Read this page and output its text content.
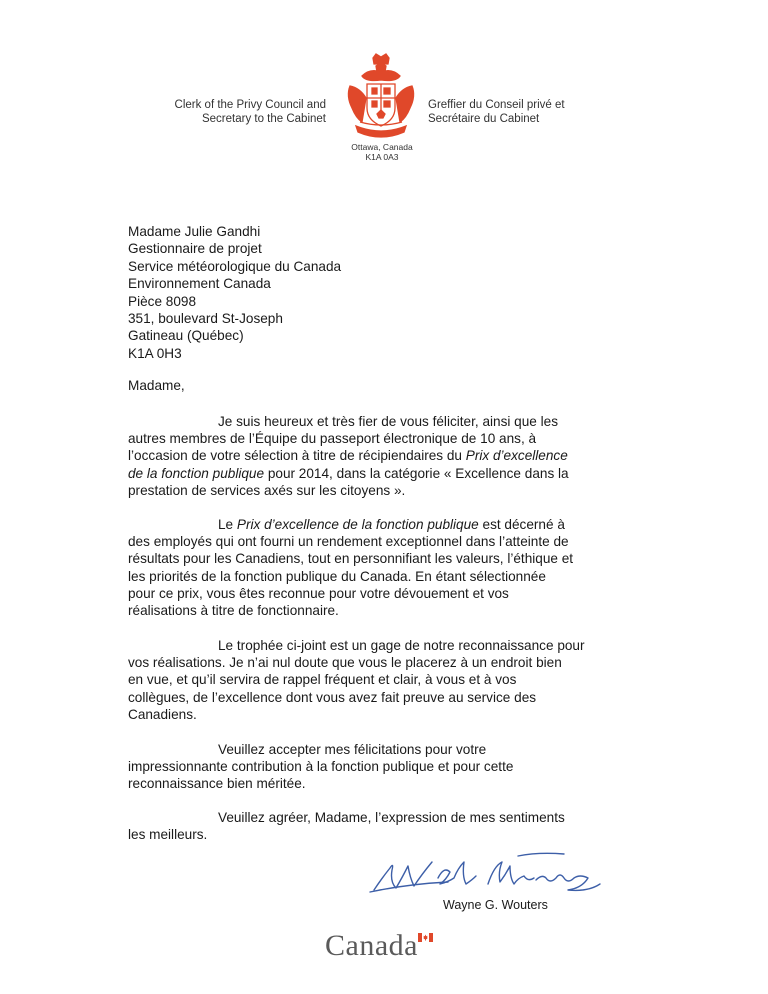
Clerk of the Privy Council and
Secretary to the Cabinet
Greffier du Conseil privé et
Secrétaire du Cabinet
Ottawa, Canada
K1A 0A3
Madame Julie Gandhi
Gestionnaire de projet
Service météorologique du Canada
Environnement Canada
Pièce 8098
351, boulevard St-Joseph
Gatineau (Québec)
K1A 0H3
Madame,
Je suis heureux et très fier de vous féliciter, ainsi que les
autres membres de l’Équipe du passeport électronique de 10 ans, à
l’occasion de votre sélection à titre de récipiendaires du Prix d’excellence
de la fonction publique pour 2014, dans la catégorie « Excellence dans la
prestation de services axés sur les citoyens ».
Le Prix d’excellence de la fonction publique est décerné à
des employés qui ont fourni un rendement exceptionnel dans l’atteinte de
résultats pour les Canadiens, tout en personnifiant les valeurs, l’éthique et
les priorités de la fonction publique du Canada. En étant sélectionnée
pour ce prix, vous êtes reconnue pour votre dévouement et vos
réalisations à titre de fonctionnaire.
Le trophée ci-joint est un gage de notre reconnaissance pour
vos réalisations. Je n’ai nul doute que vous le placerez à un endroit bien
en vue, et qu’il servira de rappel fréquent et clair, à vous et à vos
collègues, de l’excellence dont vous avez fait preuve au service des
Canadiens.
Veuillez accepter mes félicitations pour votre
impressionnante contribution à la fonction publique et pour cette
reconnaissance bien méritée.
Veuillez agréer, Madame, l’expression de mes sentiments
les meilleurs.
Wayne G. Wouters
Canada
